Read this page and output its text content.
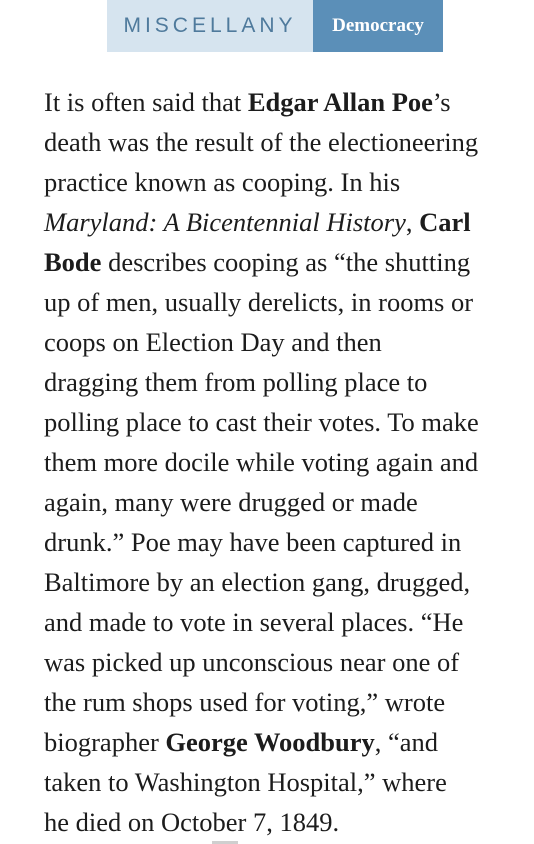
MISCELLANY	Democracy

It is often said that Edgar Allan Poe’s
death was the result of the electioneering
practice known as cooping. In his
Maryland: A Bicentennial History, Carl
Bode describes cooping as “the shutting
up of men, usually derelicts, in rooms or
coops on Election Day and then
dragging them from polling place to
polling place to cast their votes. To make
them more docile while voting again and
again, many were drugged or made
drunk.” Poe may have been captured in
Baltimore by an election gang, drugged,
and made to vote in several places. “He
was picked up unconscious near one of
the rum shops used for voting,” wrote
biographer George Woodbury, “and
taken to Washington Hospital,” where
he died on October 7, 1849.
